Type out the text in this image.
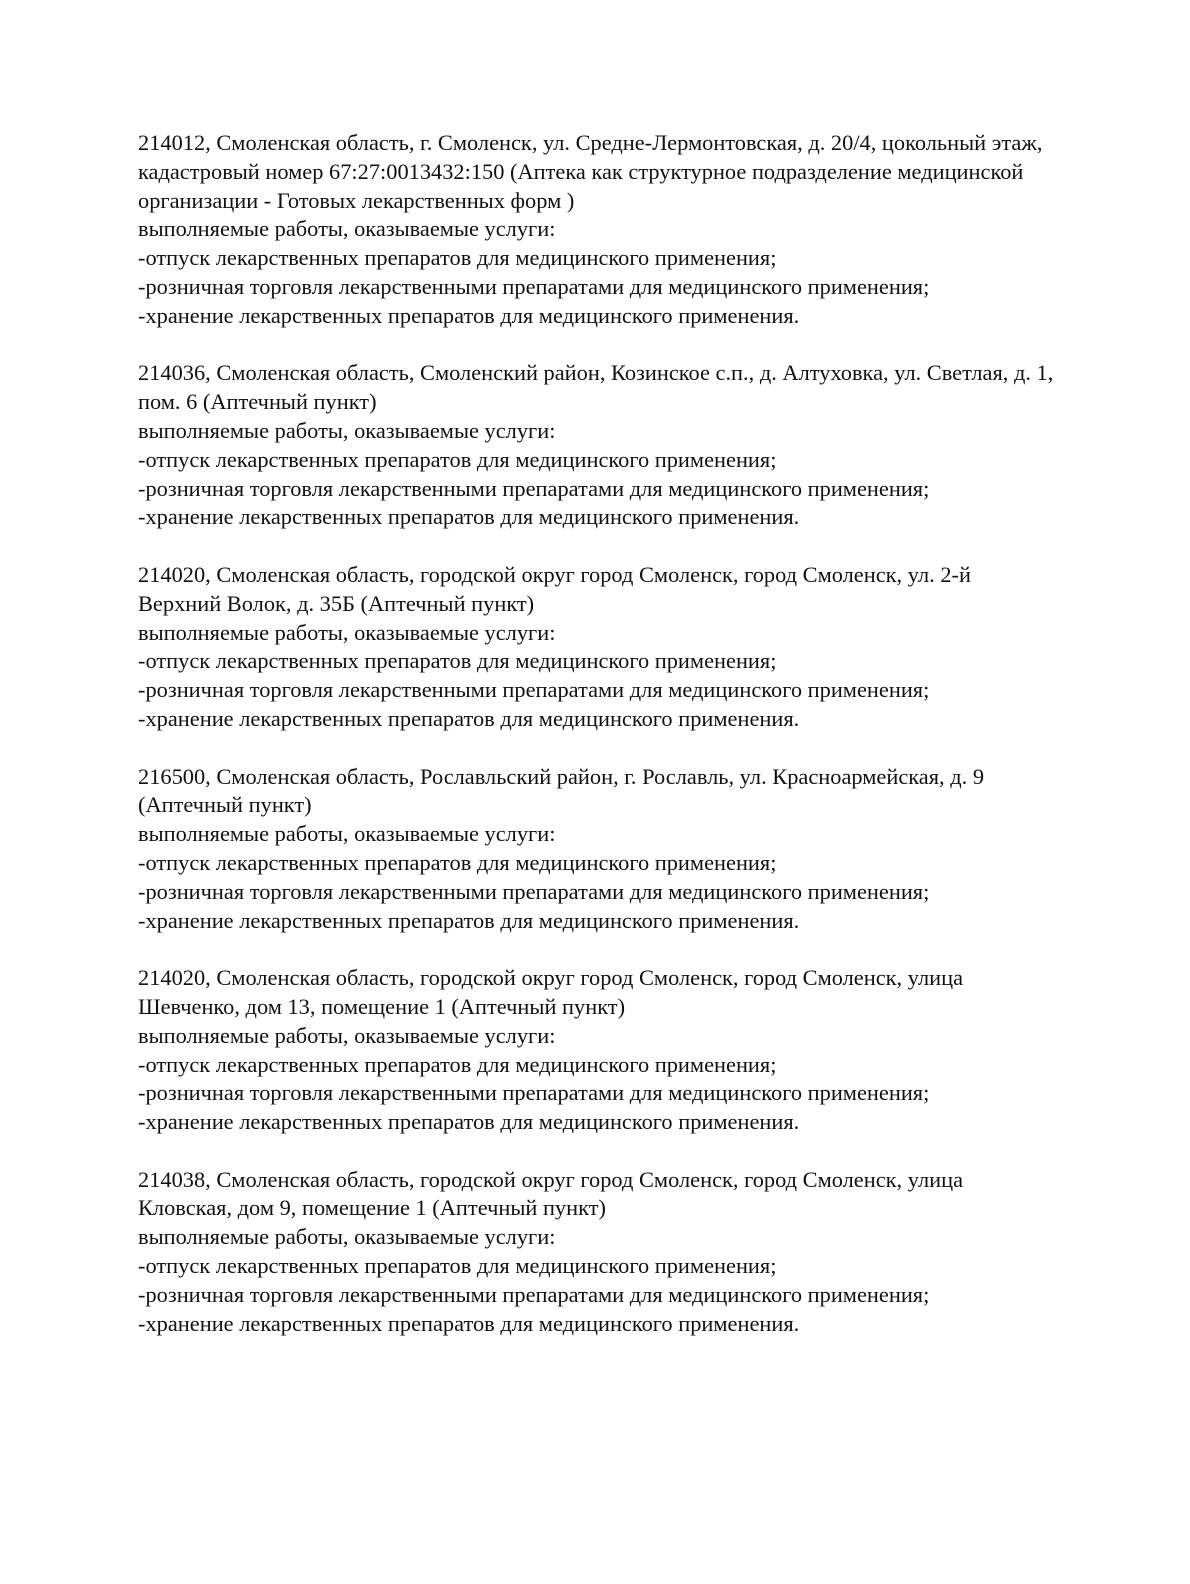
214012, Смоленская область, г. Смоленск, ул. Средне-Лермонтовская, д. 20/4, цокольный этаж,
кадастровый номер 67:27:0013432:150 (Аптека как структурное подразделение медицинской
организации - Готовых лекарственных форм )
выполняемые работы, оказываемые услуги:
-отпуск лекарственных препаратов для медицинского применения;
-розничная торговля лекарственными препаратами для медицинского применения;
-хранение лекарственных препаратов для медицинского применения.
214036, Смоленская область, Смоленский район, Козинское с.п., д. Алтуховка, ул. Светлая, д. 1,
пом. 6 (Аптечный пункт)
выполняемые работы, оказываемые услуги:
-отпуск лекарственных препаратов для медицинского применения;
-розничная торговля лекарственными препаратами для медицинского применения;
-хранение лекарственных препаратов для медицинского применения.
214020, Смоленская область, городской округ город Смоленск, город Смоленск, ул. 2-й
Верхний Волок, д. 35Б (Аптечный пункт)
выполняемые работы, оказываемые услуги:
-отпуск лекарственных препаратов для медицинского применения;
-розничная торговля лекарственными препаратами для медицинского применения;
-хранение лекарственных препаратов для медицинского применения.
216500, Смоленская область, Рославльский район, г. Рославль, ул. Красноармейская, д. 9
(Аптечный пункт)
выполняемые работы, оказываемые услуги:
-отпуск лекарственных препаратов для медицинского применения;
-розничная торговля лекарственными препаратами для медицинского применения;
-хранение лекарственных препаратов для медицинского применения.
214020, Смоленская область, городской округ город Смоленск, город Смоленск, улица
Шевченко, дом 13, помещение 1 (Аптечный пункт)
выполняемые работы, оказываемые услуги:
-отпуск лекарственных препаратов для медицинского применения;
-розничная торговля лекарственными препаратами для медицинского применения;
-хранение лекарственных препаратов для медицинского применения.
214038, Смоленская область, городской округ город Смоленск, город Смоленск, улица
Кловская, дом 9, помещение 1 (Аптечный пункт)
выполняемые работы, оказываемые услуги:
-отпуск лекарственных препаратов для медицинского применения;
-розничная торговля лекарственными препаратами для медицинского применения;
-хранение лекарственных препаратов для медицинского применения.
